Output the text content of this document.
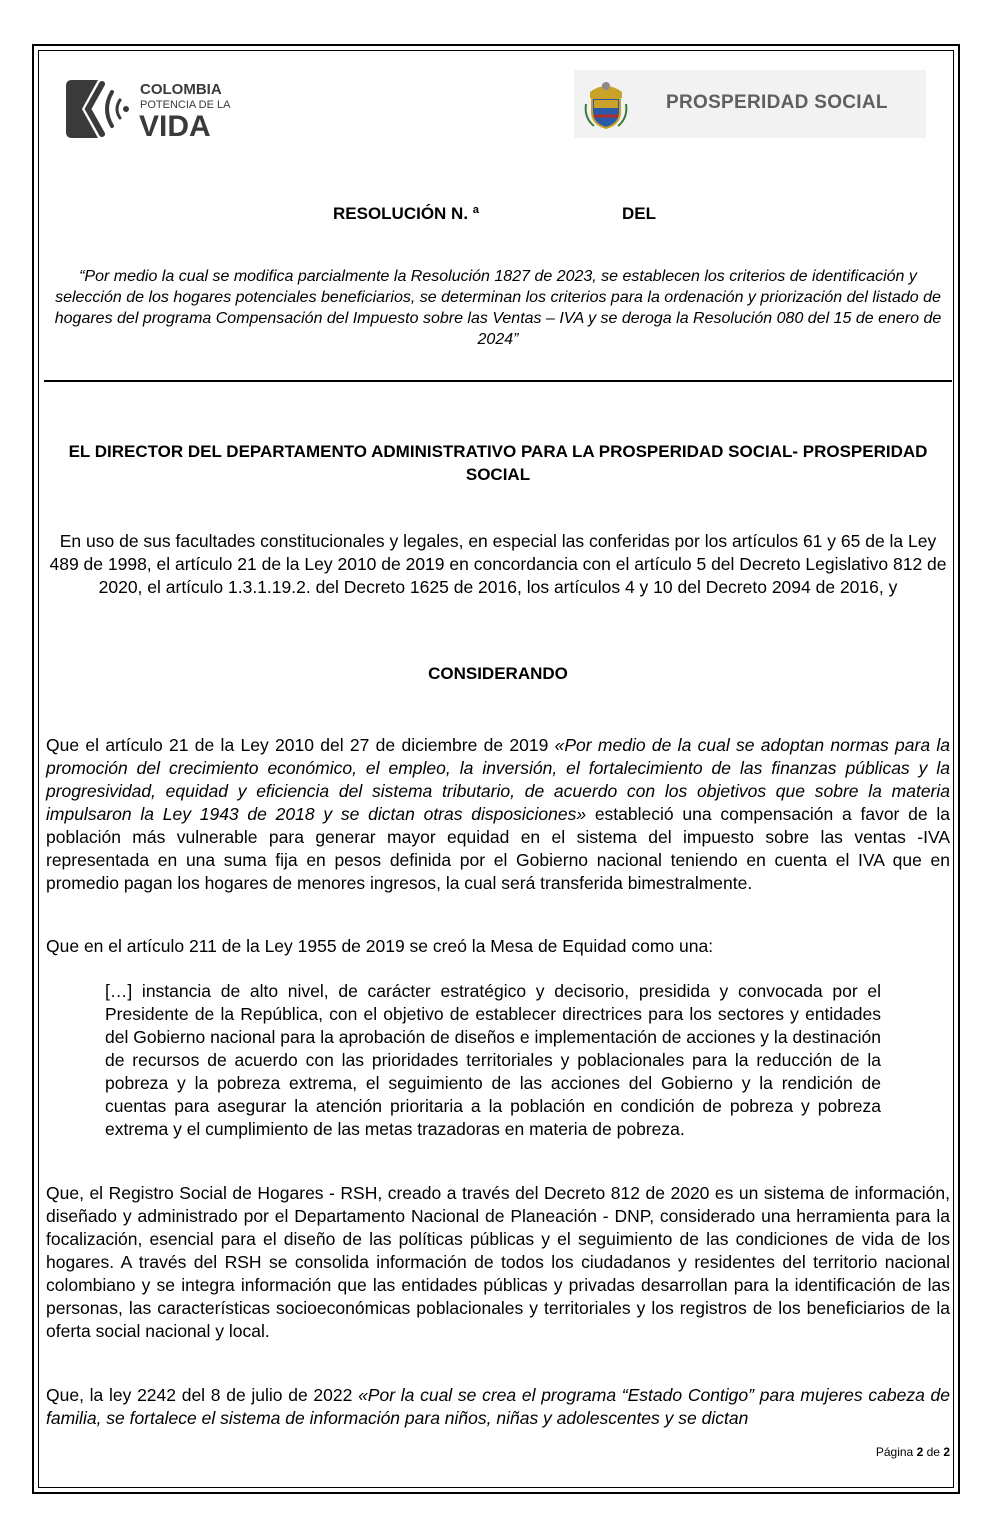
COLOMBIA
POTENCIA DE LA
VIDA
PROSPERIDAD SOCIAL
RESOLUCIÓN N. ª	DEL

“Por medio la cual se modifica parcialmente la Resolución 1827 de 2023, se establecen los criterios de identificación y selección de los hogares potenciales beneficiarios, se determinan los criterios para la ordenación y priorización del listado de hogares del programa Compensación del Impuesto sobre las Ventas – IVA y se deroga la Resolución 080 del 15 de enero de 2024”

EL DIRECTOR DEL DEPARTAMENTO ADMINISTRATIVO PARA LA PROSPERIDAD SOCIAL- PROSPERIDAD SOCIAL

En uso de sus facultades constitucionales y legales, en especial las conferidas por los artículos 61 y 65 de la Ley 489 de 1998, el artículo 21 de la Ley 2010 de 2019 en concordancia con el artículo 5 del Decreto Legislativo 812 de 2020, el artículo 1.3.1.19.2. del Decreto 1625 de 2016, los artículos 4 y 10 del Decreto 2094 de 2016, y

CONSIDERANDO

Que el artículo 21 de la Ley 2010 del 27 de diciembre de 2019 «Por medio de la cual se adoptan normas para la promoción del crecimiento económico, el empleo, la inversión, el fortalecimiento de las finanzas públicas y la progresividad, equidad y eficiencia del sistema tributario, de acuerdo con los objetivos que sobre la materia impulsaron la Ley 1943 de 2018 y se dictan otras disposiciones» estableció una compensación a favor de la población más vulnerable para generar mayor equidad en el sistema del impuesto sobre las ventas -IVA representada en una suma fija en pesos definida por el Gobierno nacional teniendo en cuenta el IVA que en promedio pagan los hogares de menores ingresos, la cual será transferida bimestralmente.

Que en el artículo 211 de la Ley 1955 de 2019 se creó la Mesa de Equidad como una:

[…] instancia de alto nivel, de carácter estratégico y decisorio, presidida y convocada por el Presidente de la República, con el objetivo de establecer directrices para los sectores y entidades del Gobierno nacional para la aprobación de diseños e implementación de acciones y la destinación de recursos de acuerdo con las prioridades territoriales y poblacionales para la reducción de la pobreza y la pobreza extrema, el seguimiento de las acciones del Gobierno y la rendición de cuentas para asegurar la atención prioritaria a la población en condición de pobreza y pobreza extrema y el cumplimiento de las metas trazadoras en materia de pobreza.

Que, el Registro Social de Hogares - RSH, creado a través del Decreto 812 de 2020 es un sistema de información, diseñado y administrado por el Departamento Nacional de Planeación - DNP, considerado una herramienta para la focalización, esencial para el diseño de las políticas públicas y el seguimiento de las condiciones de vida de los hogares. A través del RSH se consolida información de todos los ciudadanos y residentes del territorio nacional colombiano y se integra información que las entidades públicas y privadas desarrollan para la identificación de las personas, las características socioeconómicas poblacionales y territoriales y los registros de los beneficiarios de la oferta social nacional y local.

Que, la ley 2242 del 8 de julio de 2022 «Por la cual se crea el programa “Estado Contigo” para mujeres cabeza de familia, se fortalece el sistema de información para niños, niñas y adolescentes y se dictan

Página 2 de 2
